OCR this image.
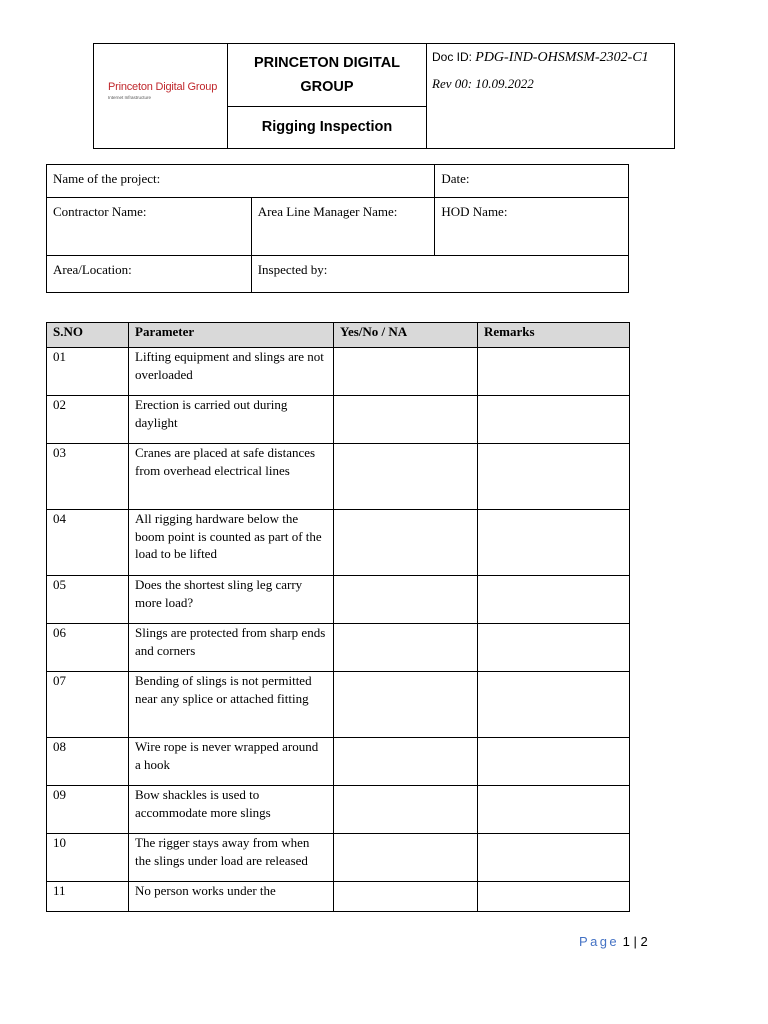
Princeton Digital Group
Internet Infrastructure
PRINCETON DIGITAL GROUP
Rigging Inspection
Doc ID: PDG-IND-OHSMSM-2302-C1
Rev 00: 10.09.2022
Name of the project:		Date:
Contractor Name:	Area Line Manager Name:	HOD Name:
Area/Location:	Inspected by:	
S.NO	Parameter	Yes/No / NA	Remarks
01	Lifting equipment and slings are not overloaded		
02	Erection is carried out during daylight		
03	Cranes are placed at safe distances from overhead electrical lines		
04	All rigging hardware below the boom point is counted as part of the load to be lifted		
05	Does the shortest sling leg carry more load?		
06	Slings are protected from sharp ends and corners		
07	Bending of slings is not permitted near any splice or attached fitting		
08	Wire rope is never wrapped around a hook		
09	Bow shackles is used to accommodate more slings		
10	The rigger stays away from when the slings under load are released		
11	No person works under the		
Page 1 | 2
